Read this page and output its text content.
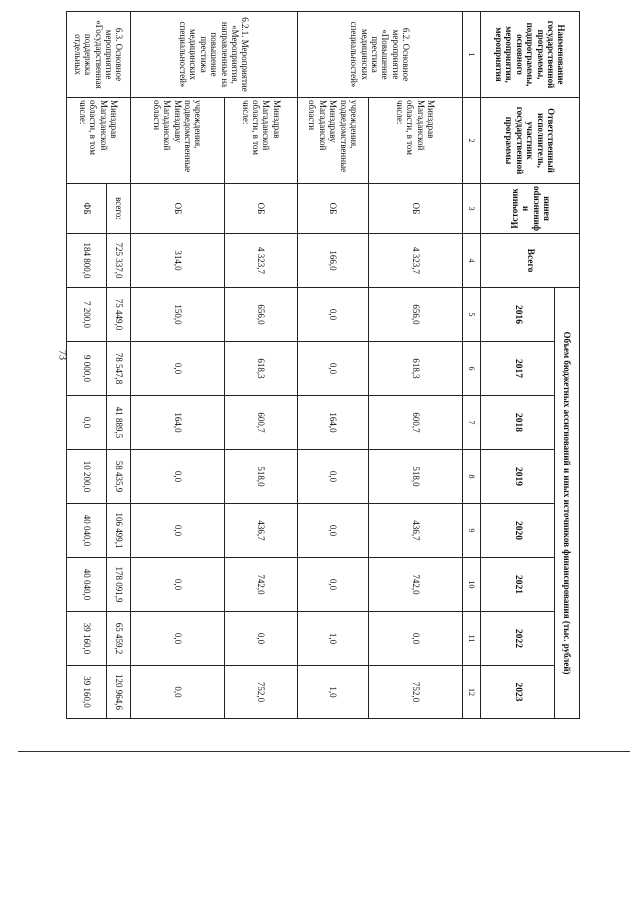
73
Наименование государственной программы, подпрограммы, основного мероприятия, мероприятия	Ответственный исполнитель, участник государственной программы	Источники финансирования	Всего	Объем бюджетных ассигнований и иных источников финансирования (тыс. рублей)							
				2016	2017	2018	2019	2020	2021	2022	2023
1	2	3	4	5	6	7	8	9	10	11	12
6.2. Основное мероприятие «Повышение престижа медицинских специальностей»	Минздрав Магаданской области, в том числе:	ОБ	4 323,7	656,0	618,3	600,7	518,0	436,7	742,0	0,0	752,0
	учреждения, подведомственные Минздраву Магаданской области	ОБ	166,0	0,0	0,0	164,0	0,0	0,0	0,0	1,0	1,0
6.2.1. Мероприятие «Мероприятия, направленные на повышение престижа медицинских специальностей»	Минздрав Магаданской области, в том числе:	ОБ	4 323,7	656,0	618,3	600,7	518,0	436,7	742,0	0,0	752,0
	учреждения, подведомственные Минздраву Магаданской области	ОБ	314,0	150,0	0,0	164,0	0,0	0,0	0,0	0,0	0,0
6.3. Основное мероприятие «Государственная поддержка отдельных	Минздрав Магаданской области, в том числе:	всего:	725 337,0	75 449,0	78 547,8	41 889,5	58 435,9	106 499,1	178 091,9	65 459,2	120 964,6
		ФБ	184 800,0	7 200,0	9 000,0	0,0	10 200,0	40 040,0	40 040,0	39 160,0	39 160,0
